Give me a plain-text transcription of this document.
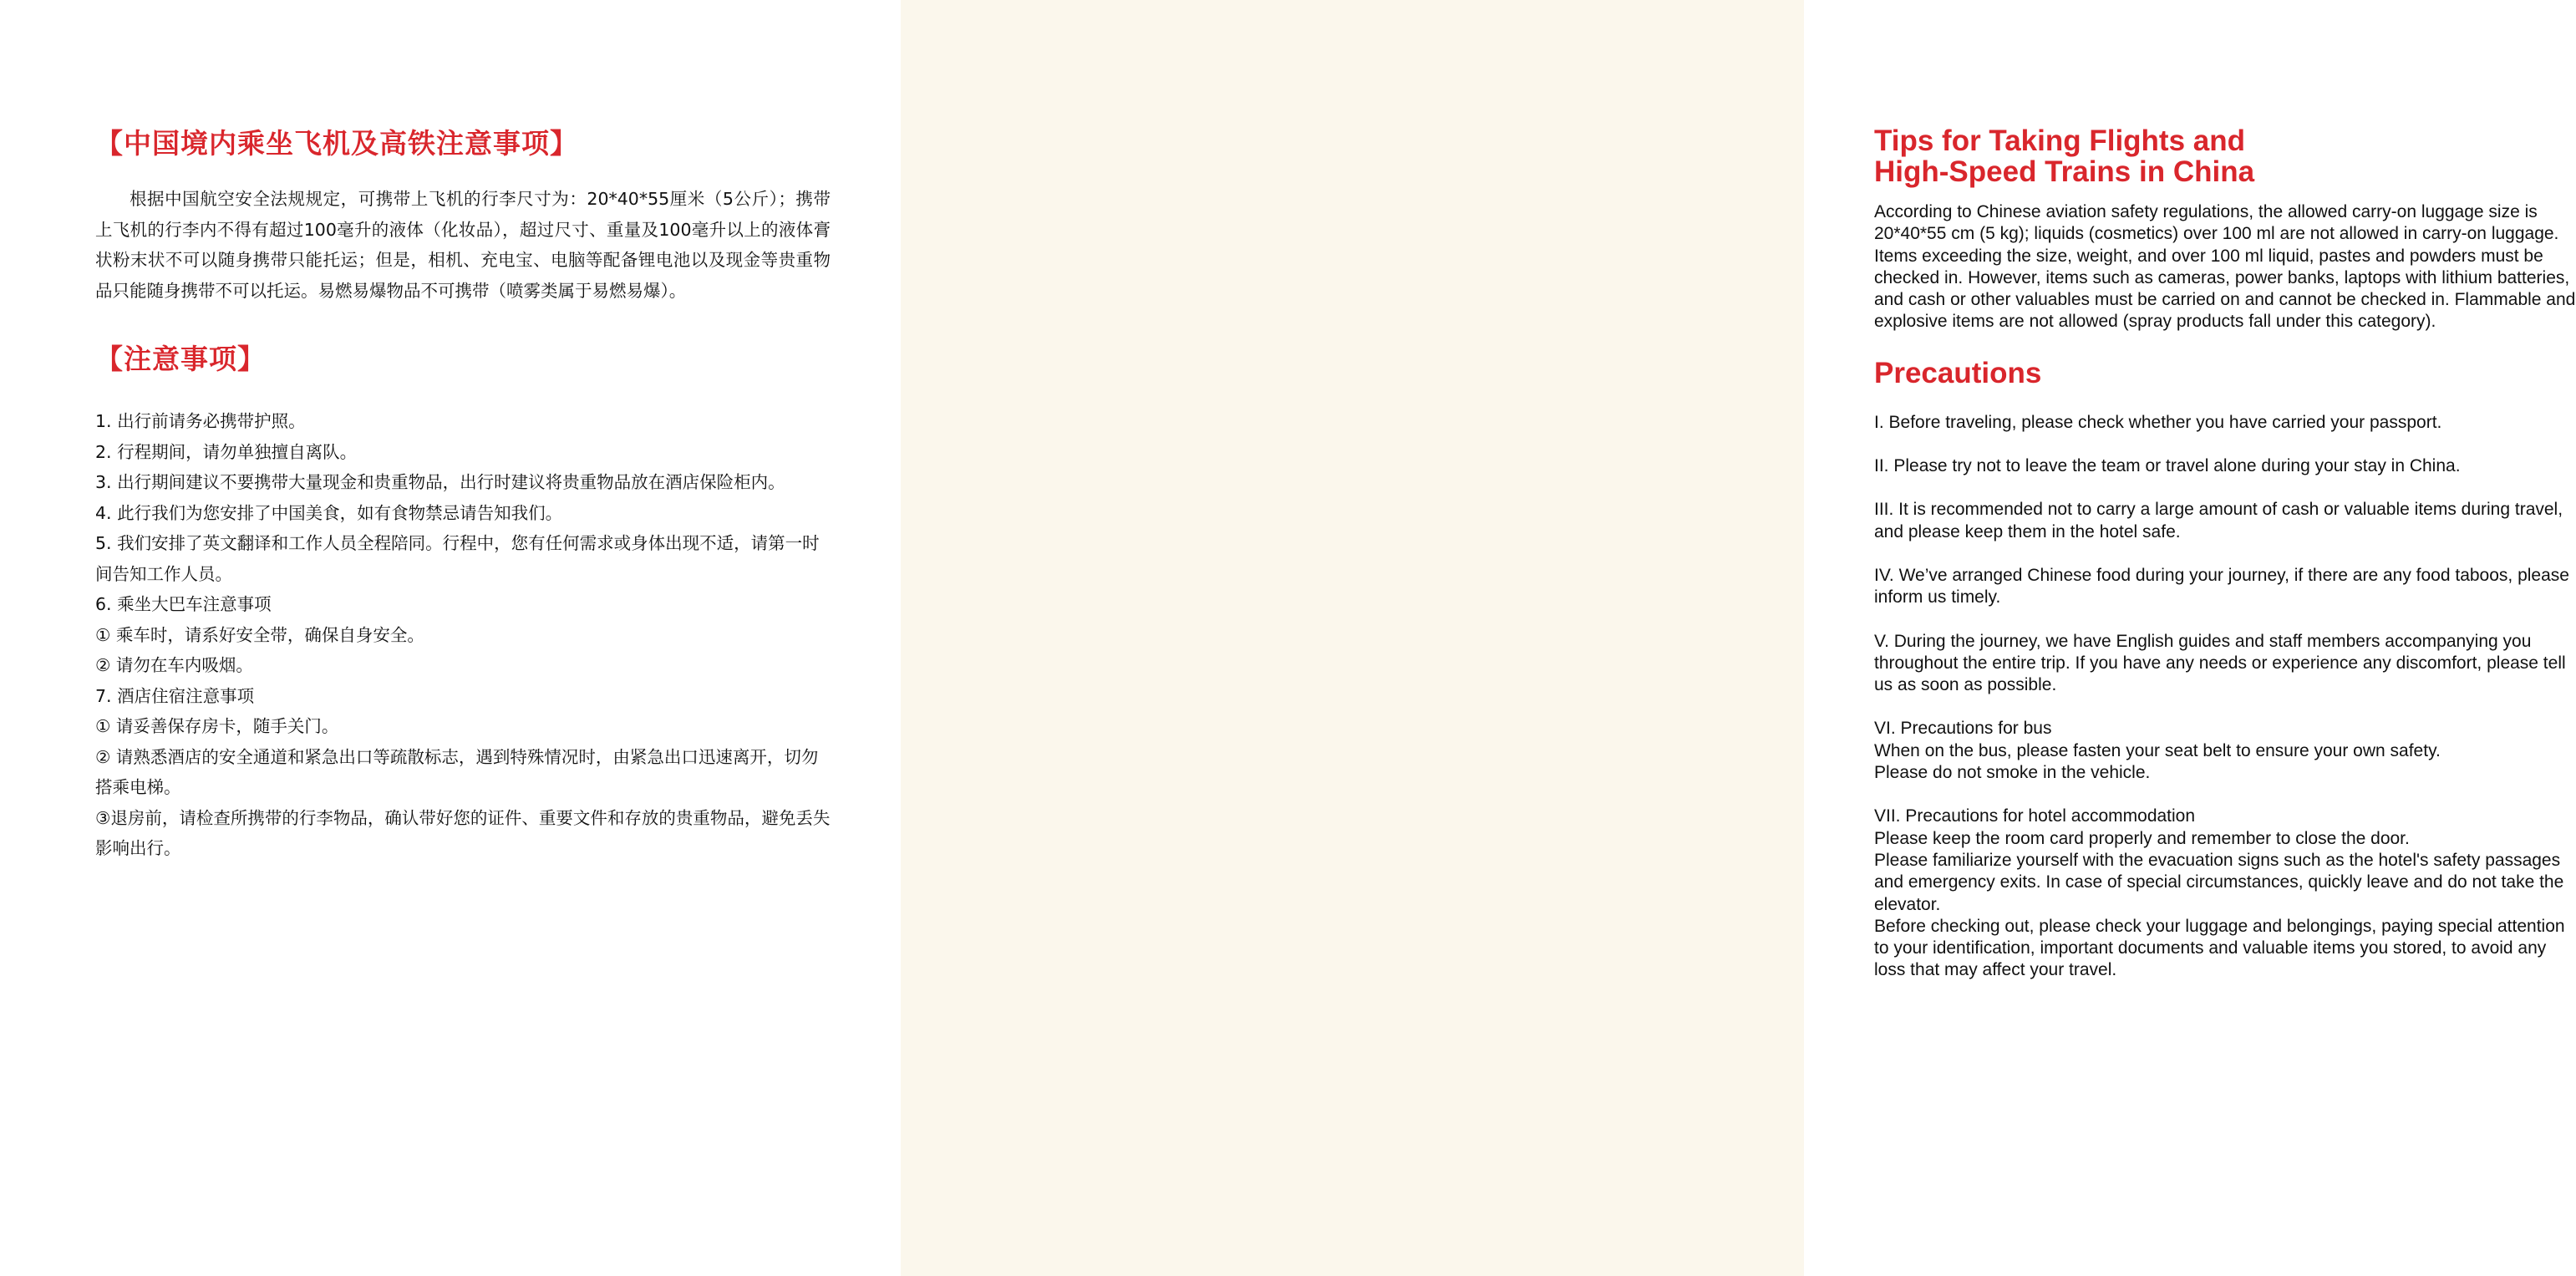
【中国境内乘坐飞机及高铁注意事项】

根据中国航空安全法规规定，可携带上飞机的行李尺寸为：20*40*55厘米（5公斤）；携带上飞机的行李内不得有超过100毫升的液体（化妆品），超过尺寸、重量及100毫升以上的液体膏状粉末状不可以随身携带只能托运；但是，相机、充电宝、电脑等配备锂电池以及现金等贵重物品只能随身携带不可以托运。易燃易爆物品不可携带（喷雾类属于易燃易爆）。

【注意事项】
1. 出行前请务必携带护照。
2. 行程期间，请勿单独擅自离队。
3. 出行期间建议不要携带大量现金和贵重物品，出行时建议将贵重物品放在酒店保险柜内。
4. 此行我们为您安排了中国美食，如有食物禁忌请告知我们。
5. 我们安排了英文翻译和工作人员全程陪同。行程中，您有任何需求或身体出现不适，请第一时间告知工作人员。
6. 乘坐大巴车注意事项
① 乘车时，请系好安全带，确保自身安全。
② 请勿在车内吸烟。
7. 酒店住宿注意事项
① 请妥善保存房卡，随手关门。
② 请熟悉酒店的安全通道和紧急出口等疏散标志，遇到特殊情况时，由紧急出口迅速离开，切勿搭乘电梯。
③退房前，请检查所携带的行李物品，确认带好您的证件、重要文件和存放的贵重物品，避免丢失影响出行。
Tips for Taking Flights and
High-Speed Trains in China

According to Chinese aviation safety regulations, the allowed carry-on luggage size is 20*40*55 cm (5 kg); liquids (cosmetics) over 100 ml are not allowed in carry-on luggage. Items exceeding the size, weight, and over 100 ml liquid, pastes and powders must be checked in. However, items such as cameras, power banks, laptops with lithium batteries, and cash or other valuables must be carried on and cannot be checked in. Flammable and explosive items are not allowed (spray products fall under this category).

Precautions
I. Before traveling, please check whether you have carried your passport.
II. Please try not to leave the team or travel alone during your stay in China.
III. It is recommended not to carry a large amount of cash or valuable items during travel, and please keep them in the hotel safe.
IV. We’ve arranged Chinese food during your journey, if there are any food taboos, please inform us timely.
V. During the journey, we have English guides and staff members accompanying you throughout the entire trip. If you have any needs or experience any discomfort, please tell us as soon as possible.
VI. Precautions for bus
When on the bus, please fasten your seat belt to ensure your own safety.
Please do not smoke in the vehicle.
VII. Precautions for hotel accommodation
Please keep the room card properly and remember to close the door.
Please familiarize yourself with the evacuation signs such as the hotel's safety passages and emergency exits. In case of special circumstances, quickly leave and do not take the elevator.
Before checking out, please check your luggage and belongings, paying special attention to your identification, important documents and valuable items you stored, to avoid any loss that may affect your travel.
